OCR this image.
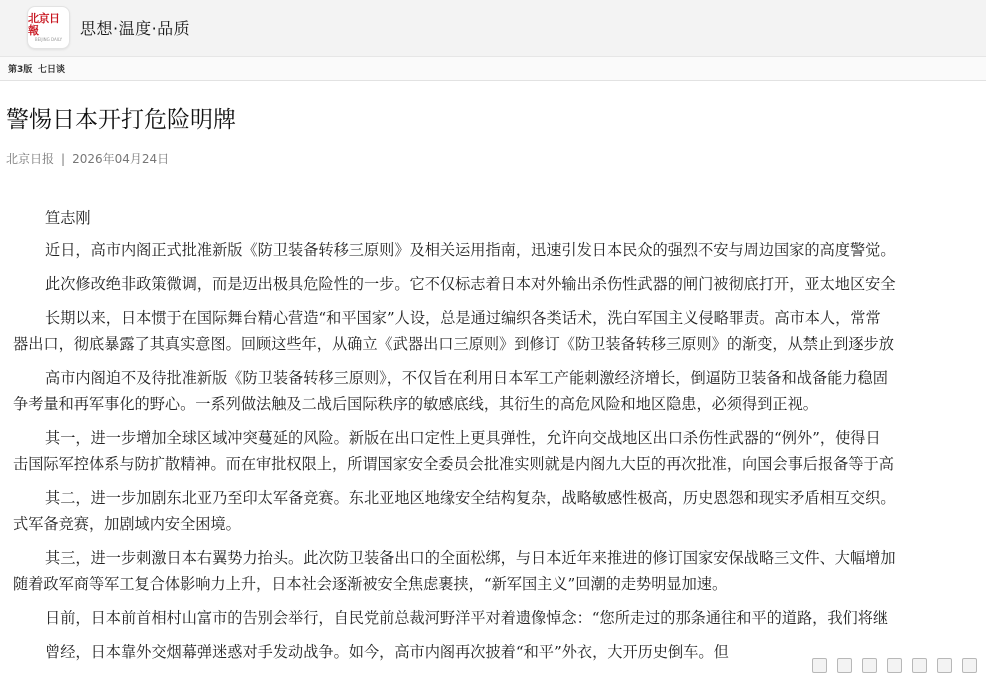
北京日報
BEIJING DAILY
思想·温度·品质
第3版 七日谈
警惕日本开打危险明牌
北京日报 | 2026年04月24日

笪志刚

近日，高市内阁正式批准新版《防卫装备转移三原则》及相关运用指南，迅速引发日本民众的强烈不安与周边国家的高度警觉。

此次修改绝非政策微调，而是迈出极具危险性的一步。它不仅标志着日本对外输出杀伤性武器的闸门被彻底打开，亚太地区安全

长期以来，日本惯于在国际舞台精心营造“和平国家”人设，总是通过编织各类话术，洗白军国主义侵略罪责。高市本人，常常
器出口，彻底暴露了其真实意图。回顾这些年，从确立《武器出口三原则》到修订《防卫装备转移三原则》的渐变，从禁止到逐步放

高市内阁迫不及待批准新版《防卫装备转移三原则》，不仅旨在利用日本军工产能刺激经济增长，倒逼防卫装备和战备能力稳固
争考量和再军事化的野心。一系列做法触及二战后国际秩序的敏感底线，其衍生的高危风险和地区隐患，必须得到正视。

其一，进一步增加全球区域冲突蔓延的风险。新版在出口定性上更具弹性，允许向交战地区出口杀伤性武器的“例外”，使得日
击国际军控体系与防扩散精神。而在审批权限上，所谓国家安全委员会批准实则就是内阁九大臣的再次批准，向国会事后报备等于高

其二，进一步加剧东北亚乃至印太军备竞赛。东北亚地区地缘安全结构复杂，战略敏感性极高，历史恩怨和现实矛盾相互交织。
式军备竞赛，加剧域内安全困境。

其三，进一步刺激日本右翼势力抬头。此次防卫装备出口的全面松绑，与日本近年来推进的修订国家安保战略三文件、大幅增加
随着政军商等军工复合体影响力上升，日本社会逐渐被安全焦虑裹挟，“新军国主义”回潮的走势明显加速。

日前，日本前首相村山富市的告别会举行，自民党前总裁河野洋平对着遗像悼念：“您所走过的那条通往和平的道路，我们将继

曾经，日本靠外交烟幕弹迷惑对手发动战争。如今，高市内阁再次披着“和平”外衣，大开历史倒车。但
